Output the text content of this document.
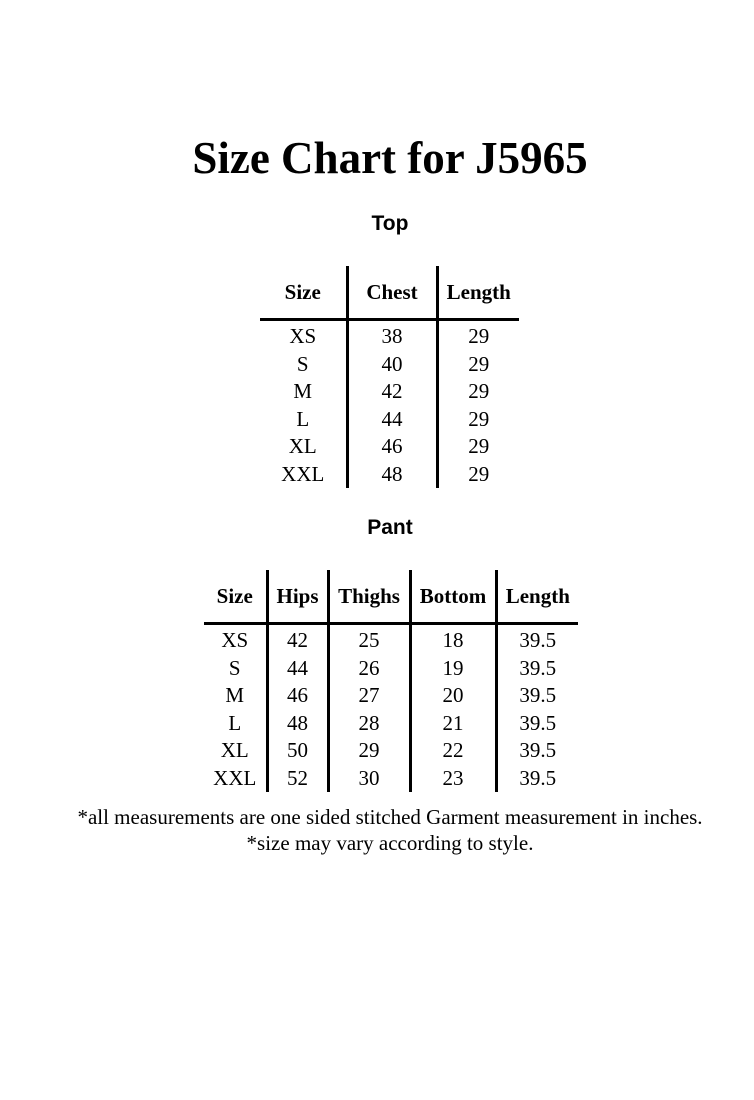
Size Chart for J5965
Top
Size	Chest	Length
XS	38	29
S	40	29
M	42	29
L	44	29
XL	46	29
XXL	48	29
Pant
Size	Hips	Thighs	Bottom	Length
XS	42	25	18	39.5
S	44	26	19	39.5
M	46	27	20	39.5
L	48	28	21	39.5
XL	50	29	22	39.5
XXL	52	30	23	39.5

*all measurements are one sided stitched Garment measurement in inches.

*size may vary according to style.
